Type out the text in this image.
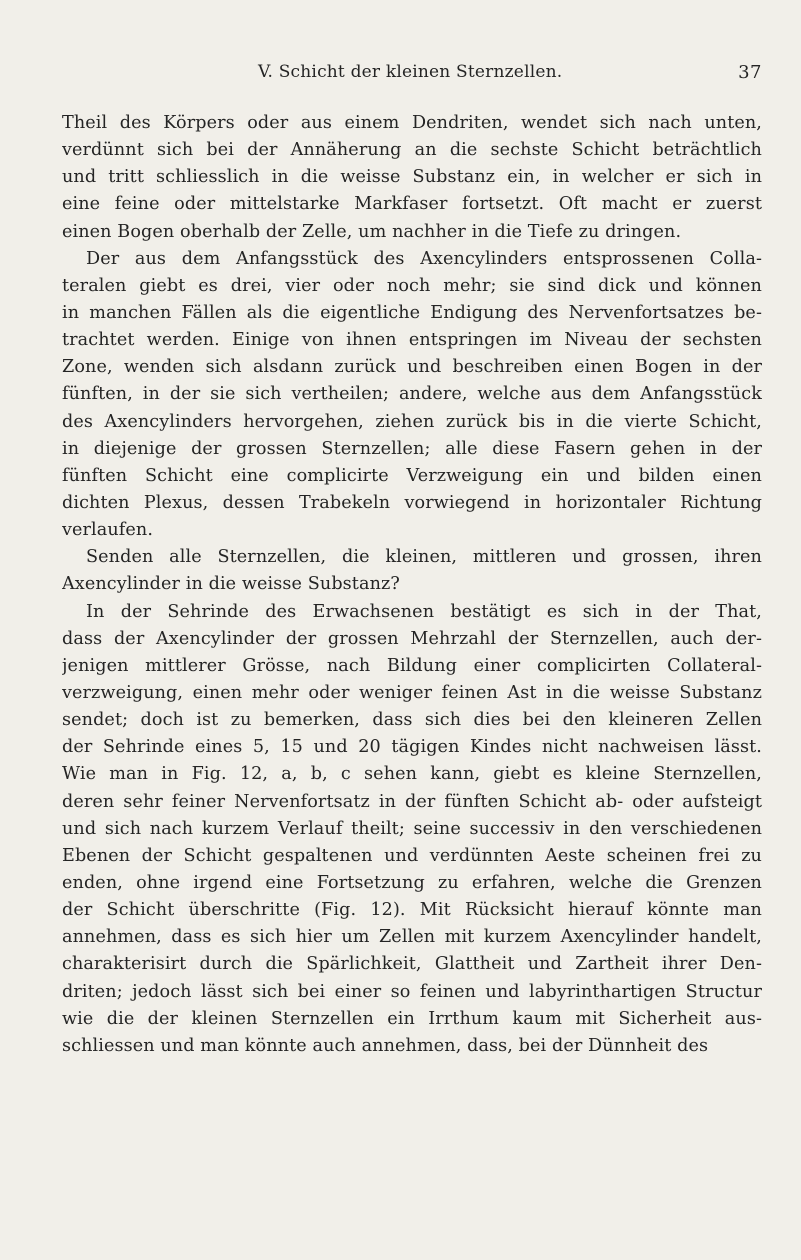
V. Schicht der kleinen Sternzellen.	37
Theil des Körpers oder aus einem Dendriten, wendet sich nach unten,
verdünnt sich bei der Annäherung an die sechste Schicht beträchtlich
und tritt schliesslich in die weisse Substanz ein, in welcher er sich in
eine feine oder mittelstarke Markfaser fortsetzt. Oft macht er zuerst
einen Bogen oberhalb der Zelle, um nachher in die Tiefe zu dringen.
Der aus dem Anfangsstück des Axencylinders entsprossenen Colla-
teralen giebt es drei, vier oder noch mehr; sie sind dick und können
in manchen Fällen als die eigentliche Endigung des Nervenfortsatzes be-
trachtet werden. Einige von ihnen entspringen im Niveau der sechsten
Zone, wenden sich alsdann zurück und beschreiben einen Bogen in der
fünften, in der sie sich vertheilen; andere, welche aus dem Anfangsstück
des Axencylinders hervorgehen, ziehen zurück bis in die vierte Schicht,
in diejenige der grossen Sternzellen; alle diese Fasern gehen in der
fünften Schicht eine complicirte Verzweigung ein und bilden einen
dichten Plexus, dessen Trabekeln vorwiegend in horizontaler Richtung
verlaufen.
Senden alle Sternzellen, die kleinen, mittleren und grossen, ihren
Axencylinder in die weisse Substanz?
In der Sehrinde des Erwachsenen bestätigt es sich in der That,
dass der Axencylinder der grossen Mehrzahl der Sternzellen, auch der-
jenigen mittlerer Grösse, nach Bildung einer complicirten Collateral-
verzweigung, einen mehr oder weniger feinen Ast in die weisse Substanz
sendet; doch ist zu bemerken, dass sich dies bei den kleineren Zellen
der Sehrinde eines 5, 15 und 20 tägigen Kindes nicht nachweisen lässt.
Wie man in Fig. 12, a, b, c sehen kann, giebt es kleine Sternzellen,
deren sehr feiner Nervenfortsatz in der fünften Schicht ab- oder aufsteigt
und sich nach kurzem Verlauf theilt; seine successiv in den verschiedenen
Ebenen der Schicht gespaltenen und verdünnten Aeste scheinen frei zu
enden, ohne irgend eine Fortsetzung zu erfahren, welche die Grenzen
der Schicht überschritte (Fig. 12). Mit Rücksicht hierauf könnte man
annehmen, dass es sich hier um Zellen mit kurzem Axencylinder handelt,
charakterisirt durch die Spärlichkeit, Glattheit und Zartheit ihrer Den-
driten; jedoch lässt sich bei einer so feinen und labyrinthartigen Structur
wie die der kleinen Sternzellen ein Irrthum kaum mit Sicherheit aus-
schliessen und man könnte auch annehmen, dass, bei der Dünnheit des
